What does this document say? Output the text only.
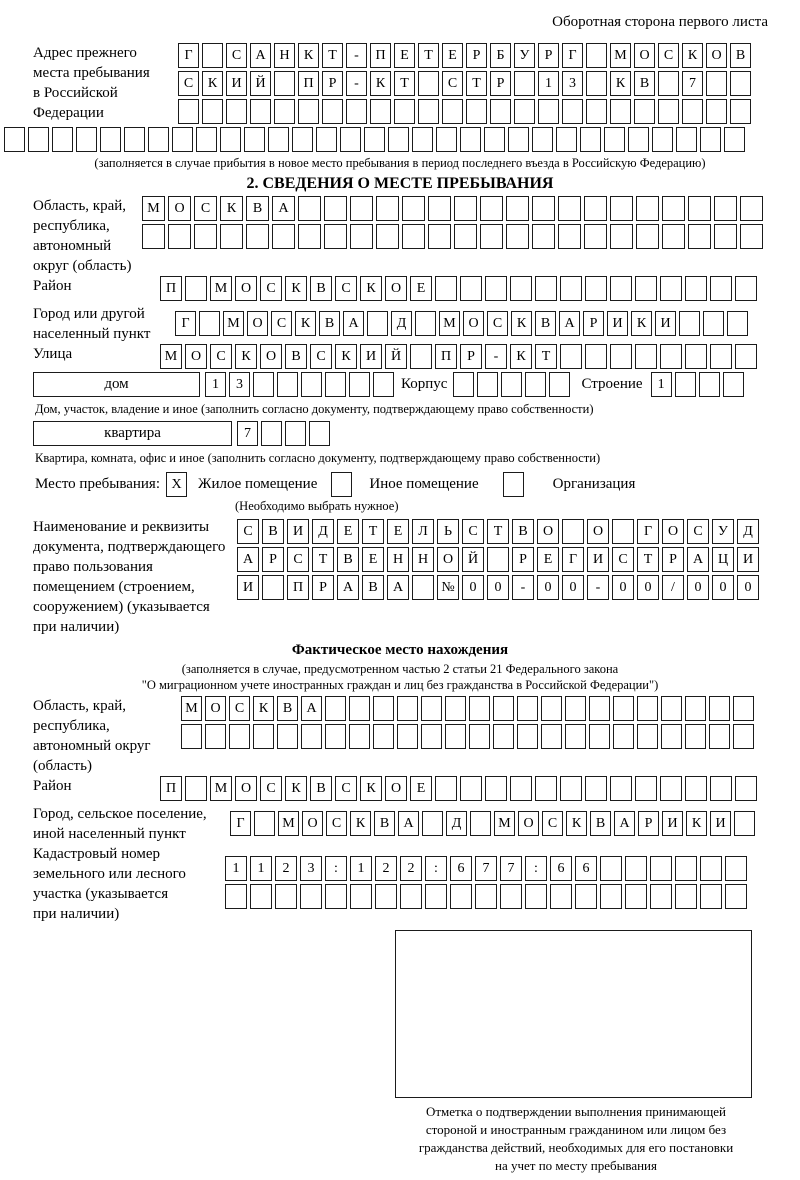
Оборотная сторона первого листа
Адрес прежнего
места пребывания
в Российской
Федерации
Г	С	А Н	К	Т	-	П	Е	Т	Е	Р	Б	У	Р	Г	М О	С	К	О	В
С	К	И Й	П	Р	-	К	Т	С	Т	Р	1	3	К	В	7
(заполняется в случае прибытия в новое место пребывания в период последнего въезда в Российскую Федерацию)
2. СВЕДЕНИЯ О МЕСТЕ ПРЕБЫВАНИЯ
Область, край,
республика,
автономный
округ (область)
М	О	С	К	В	А
Район	П	М О	С	К	В	С	К	О	Е
Город или другой
населенный пункт
Г	М О	С	К	В	А	Д	М О	С	К	В	А	Р	И	К	И
Улица	М О	С	К	О	В	С	К	И	Й	П	Р	-	К	Т
дом	1	3	Корпус	Строение	1
Дом, участок, владение и иное (заполнить согласно документу, подтверждающему право собственности)
квартира	7
Квартира, комната, офис и иное (заполнить согласно документу, подтверждающему право собственности)
Место пребывания: X	Жилое помещение	Иное помещение	Организация
(Необходимо выбрать нужное)
Наименование и реквизиты
документа, подтверждающего
право пользования
помещением (строением,
сооружением) (указывается
при наличии)
С	В	И	Д	Е	Т	Е	Л	Ь	С	Т	В	О	О	Г	О	С	У	Д
А	Р	С	Т	В	Е	Н	Н	О	Й	Р	Е	Г	И	С	Т	Р	А	Ц	И
И	П	Р	А	В	А	№	0	0	-	0	0	-	0	0	/	0	0	0
Фактическое место нахождения
(заполняется в случае, предусмотренном частью 2 статьи 21 Федерального закона
"О миграционном учете иностранных граждан и лиц без гражданства в Российской Федерации")
Область, край,
республика,
автономный округ
(область)
М О	С	К	В	А
Район	П	М О	С	К	В	С	К	О	Е
Город, сельское поселение,
иной населенный пункт
Г	М О	С	К	В	А	Д	М О	С	К	В	А	Р	И	К	И
Кадастровый номер
земельного или лесного
участка (указывается
при наличии)
1	1	2	3	:	1	2	2	:	6	7	7	:	6	6
Отметка о подтверждении выполнения принимающей
стороной и иностранным гражданином или лицом без
гражданства действий, необходимых для его постановки
на учет по месту пребывания
